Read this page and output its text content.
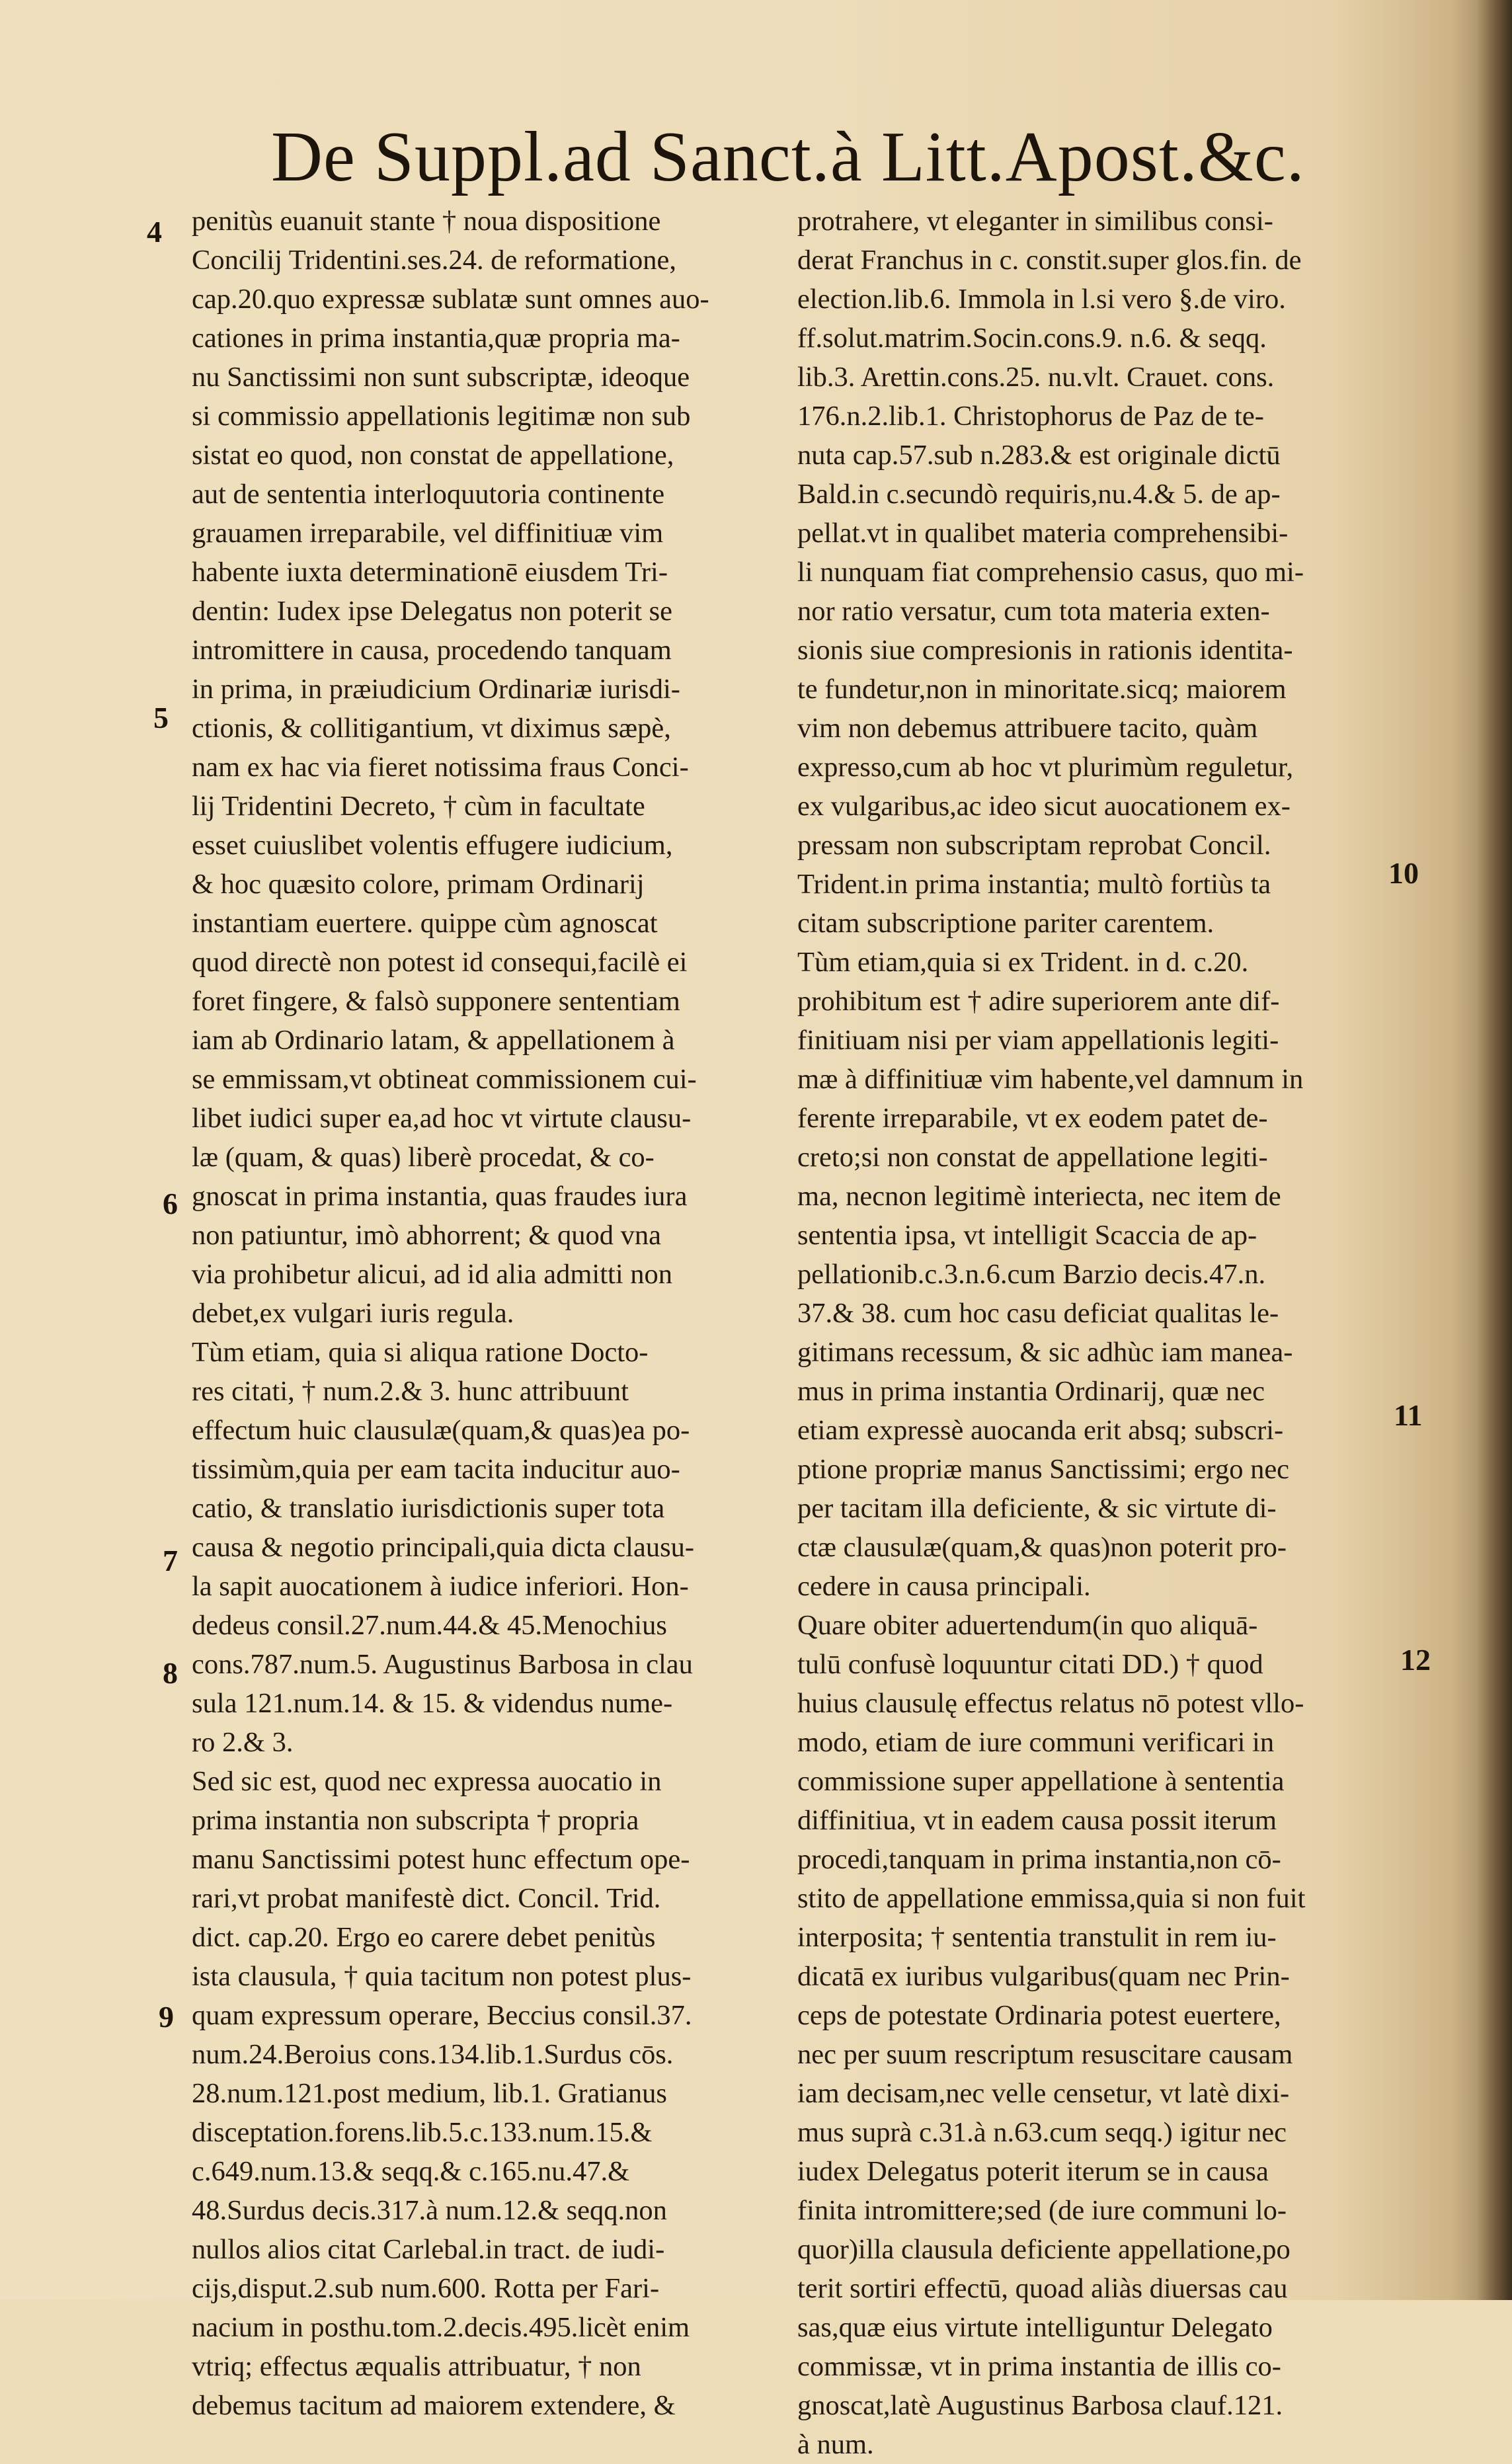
De Suppl.ad Sanct.à Litt.Apost.&c.
penitùs euanuit stante † noua dispositione
Concilij Tridentini.ses.24. de reformatione,
cap.20.quo expressæ sublatæ sunt omnes auo-
cationes in prima instantia,quæ propria ma-
nu Sanctissimi non sunt subscriptæ, ideoque
si commissio appellationis legitimæ non sub
sistat eo quod, non constat de appellatione,
aut de sententia interloquutoria continente
grauamen irreparabile, vel diffinitiuæ vim
habente iuxta determinationē eiusdem Tri-
dentin: Iudex ipse Delegatus non poterit se
intromittere in causa, procedendo tanquam
in prima, in præiudicium Ordinariæ iurisdi-
ctionis, & collitigantium, vt diximus sæpè,
nam ex hac via fieret notissima fraus Conci-
lij Tridentini Decreto, † cùm in facultate
esset cuiuslibet volentis effugere iudicium,
& hoc quæsito colore, primam Ordinarij
instantiam euertere. quippe cùm agnoscat
quod directè non potest id consequi,facilè ei
foret fingere, & falsò supponere sententiam
iam ab Ordinario latam, & appellationem à
se emmissam,vt obtineat commissionem cui-
libet iudici super ea,ad hoc vt virtute clausu-
læ (quam, & quas) liberè procedat, & co-
gnoscat in prima instantia, quas fraudes iura
non patiuntur, imò abhorrent; & quod vna
via prohibetur alicui, ad id alia admitti non
debet,ex vulgari iuris regula.
Tùm etiam, quia si aliqua ratione Docto-
res citati, † num.2.& 3. hunc attribuunt
effectum huic clausulæ(quam,& quas)ea po-
tissimùm,quia per eam tacita inducitur auo-
catio, & translatio iurisdictionis super tota
causa & negotio principali,quia dicta clausu-
la sapit auocationem à iudice inferiori. Hon-
dedeus consil.27.num.44.& 45.Menochius
cons.787.num.5. Augustinus Barbosa in clau
sula 121.num.14. & 15. & videndus nume-
ro 2.& 3.
Sed sic est, quod nec expressa auocatio in
prima instantia non subscripta † propria
manu Sanctissimi potest hunc effectum ope-
rari,vt probat manifestè dict. Concil. Trid.
dict. cap.20. Ergo eo carere debet penitùs
ista clausula, † quia tacitum non potest plus-
quam expressum operare, Beccius consil.37.
num.24.Beroius cons.134.lib.1.Surdus cōs.
28.num.121.post medium, lib.1. Gratianus
disceptation.forens.lib.5.c.133.num.15.&
c.649.num.13.& seqq.& c.165.nu.47.&
48.Surdus decis.317.à num.12.& seqq.non
nullos alios citat Carlebal.in tract. de iudi-
cijs,disput.2.sub num.600. Rotta per Fari-
nacium in posthu.tom.2.decis.495.licèt enim
vtriq; effectus æqualis attribuatur, † non
debemus tacitum ad maiorem extendere, &
protrahere, vt eleganter in similibus consi-
derat Franchus in c. constit.super glos.fin. de
election.lib.6. Immola in l.si vero §.de viro.
ff.solut.matrim.Socin.cons.9. n.6. & seqq.
lib.3. Arettin.cons.25. nu.vlt. Crauet. cons.
176.n.2.lib.1. Christophorus de Paz de te-
nuta cap.57.sub n.283.& est originale dictū
Bald.in c.secundò requiris,nu.4.& 5. de ap-
pellat.vt in qualibet materia comprehensibi-
li nunquam fiat comprehensio casus, quo mi-
nor ratio versatur, cum tota materia exten-
sionis siue compresionis in rationis identita-
te fundetur,non in minoritate.sicq; maiorem
vim non debemus attribuere tacito, quàm
expresso,cum ab hoc vt plurimùm reguletur,
ex vulgaribus,ac ideo sicut auocationem ex-
pressam non subscriptam reprobat Concil.
Trident.in prima instantia; multò fortiùs ta
citam subscriptione pariter carentem.
Tùm etiam,quia si ex Trident. in d. c.20.
prohibitum est † adire superiorem ante dif-
finitiuam nisi per viam appellationis legiti-
mæ à diffinitiuæ vim habente,vel damnum in
ferente irreparabile, vt ex eodem patet de-
creto;si non constat de appellatione legiti-
ma, necnon legitimè interiecta, nec item de
sententia ipsa, vt intelligit Scaccia de ap-
pellationib.c.3.n.6.cum Barzio decis.47.n.
37.& 38. cum hoc casu deficiat qualitas le-
gitimans recessum, & sic adhùc iam manea-
mus in prima instantia Ordinarij, quæ nec
etiam expressè auocanda erit absq; subscri-
ptione propriæ manus Sanctissimi; ergo nec
per tacitam illa deficiente, & sic virtute di-
ctæ clausulæ(quam,& quas)non poterit pro-
cedere in causa principali.
Quare obiter aduertendum(in quo aliquā-
tulū confusè loquuntur citati DD.) † quod
huius clausulę effectus relatus nō potest vllo-
modo, etiam de iure communi verificari in
commissione super appellatione à sententia
diffinitiua, vt in eadem causa possit iterum
procedi,tanquam in prima instantia,non cō-
stito de appellatione emmissa,quia si non fuit
interposita; † sententia transtulit in rem iu-
dicatā ex iuribus vulgaribus(quam nec Prin-
ceps de potestate Ordinaria potest euertere,
nec per suum rescriptum resuscitare causam
iam decisam,nec velle censetur, vt latè dixi-
mus suprà c.31.à n.63.cum seqq.) igitur nec
iudex Delegatus poterit iterum se in causa
finita intromittere;sed (de iure communi lo-
quor)illa clausula deficiente appellatione,po
terit sortiri effectū, quoad aliàs diuersas cau
sas,quæ eius virtute intelliguntur Delegato
commissæ, vt in prima instantia de illis co-
gnoscat,latè Augustinus Barbosa clauf.121.
à num.
4
5
6
7
8
9
10
11
12
